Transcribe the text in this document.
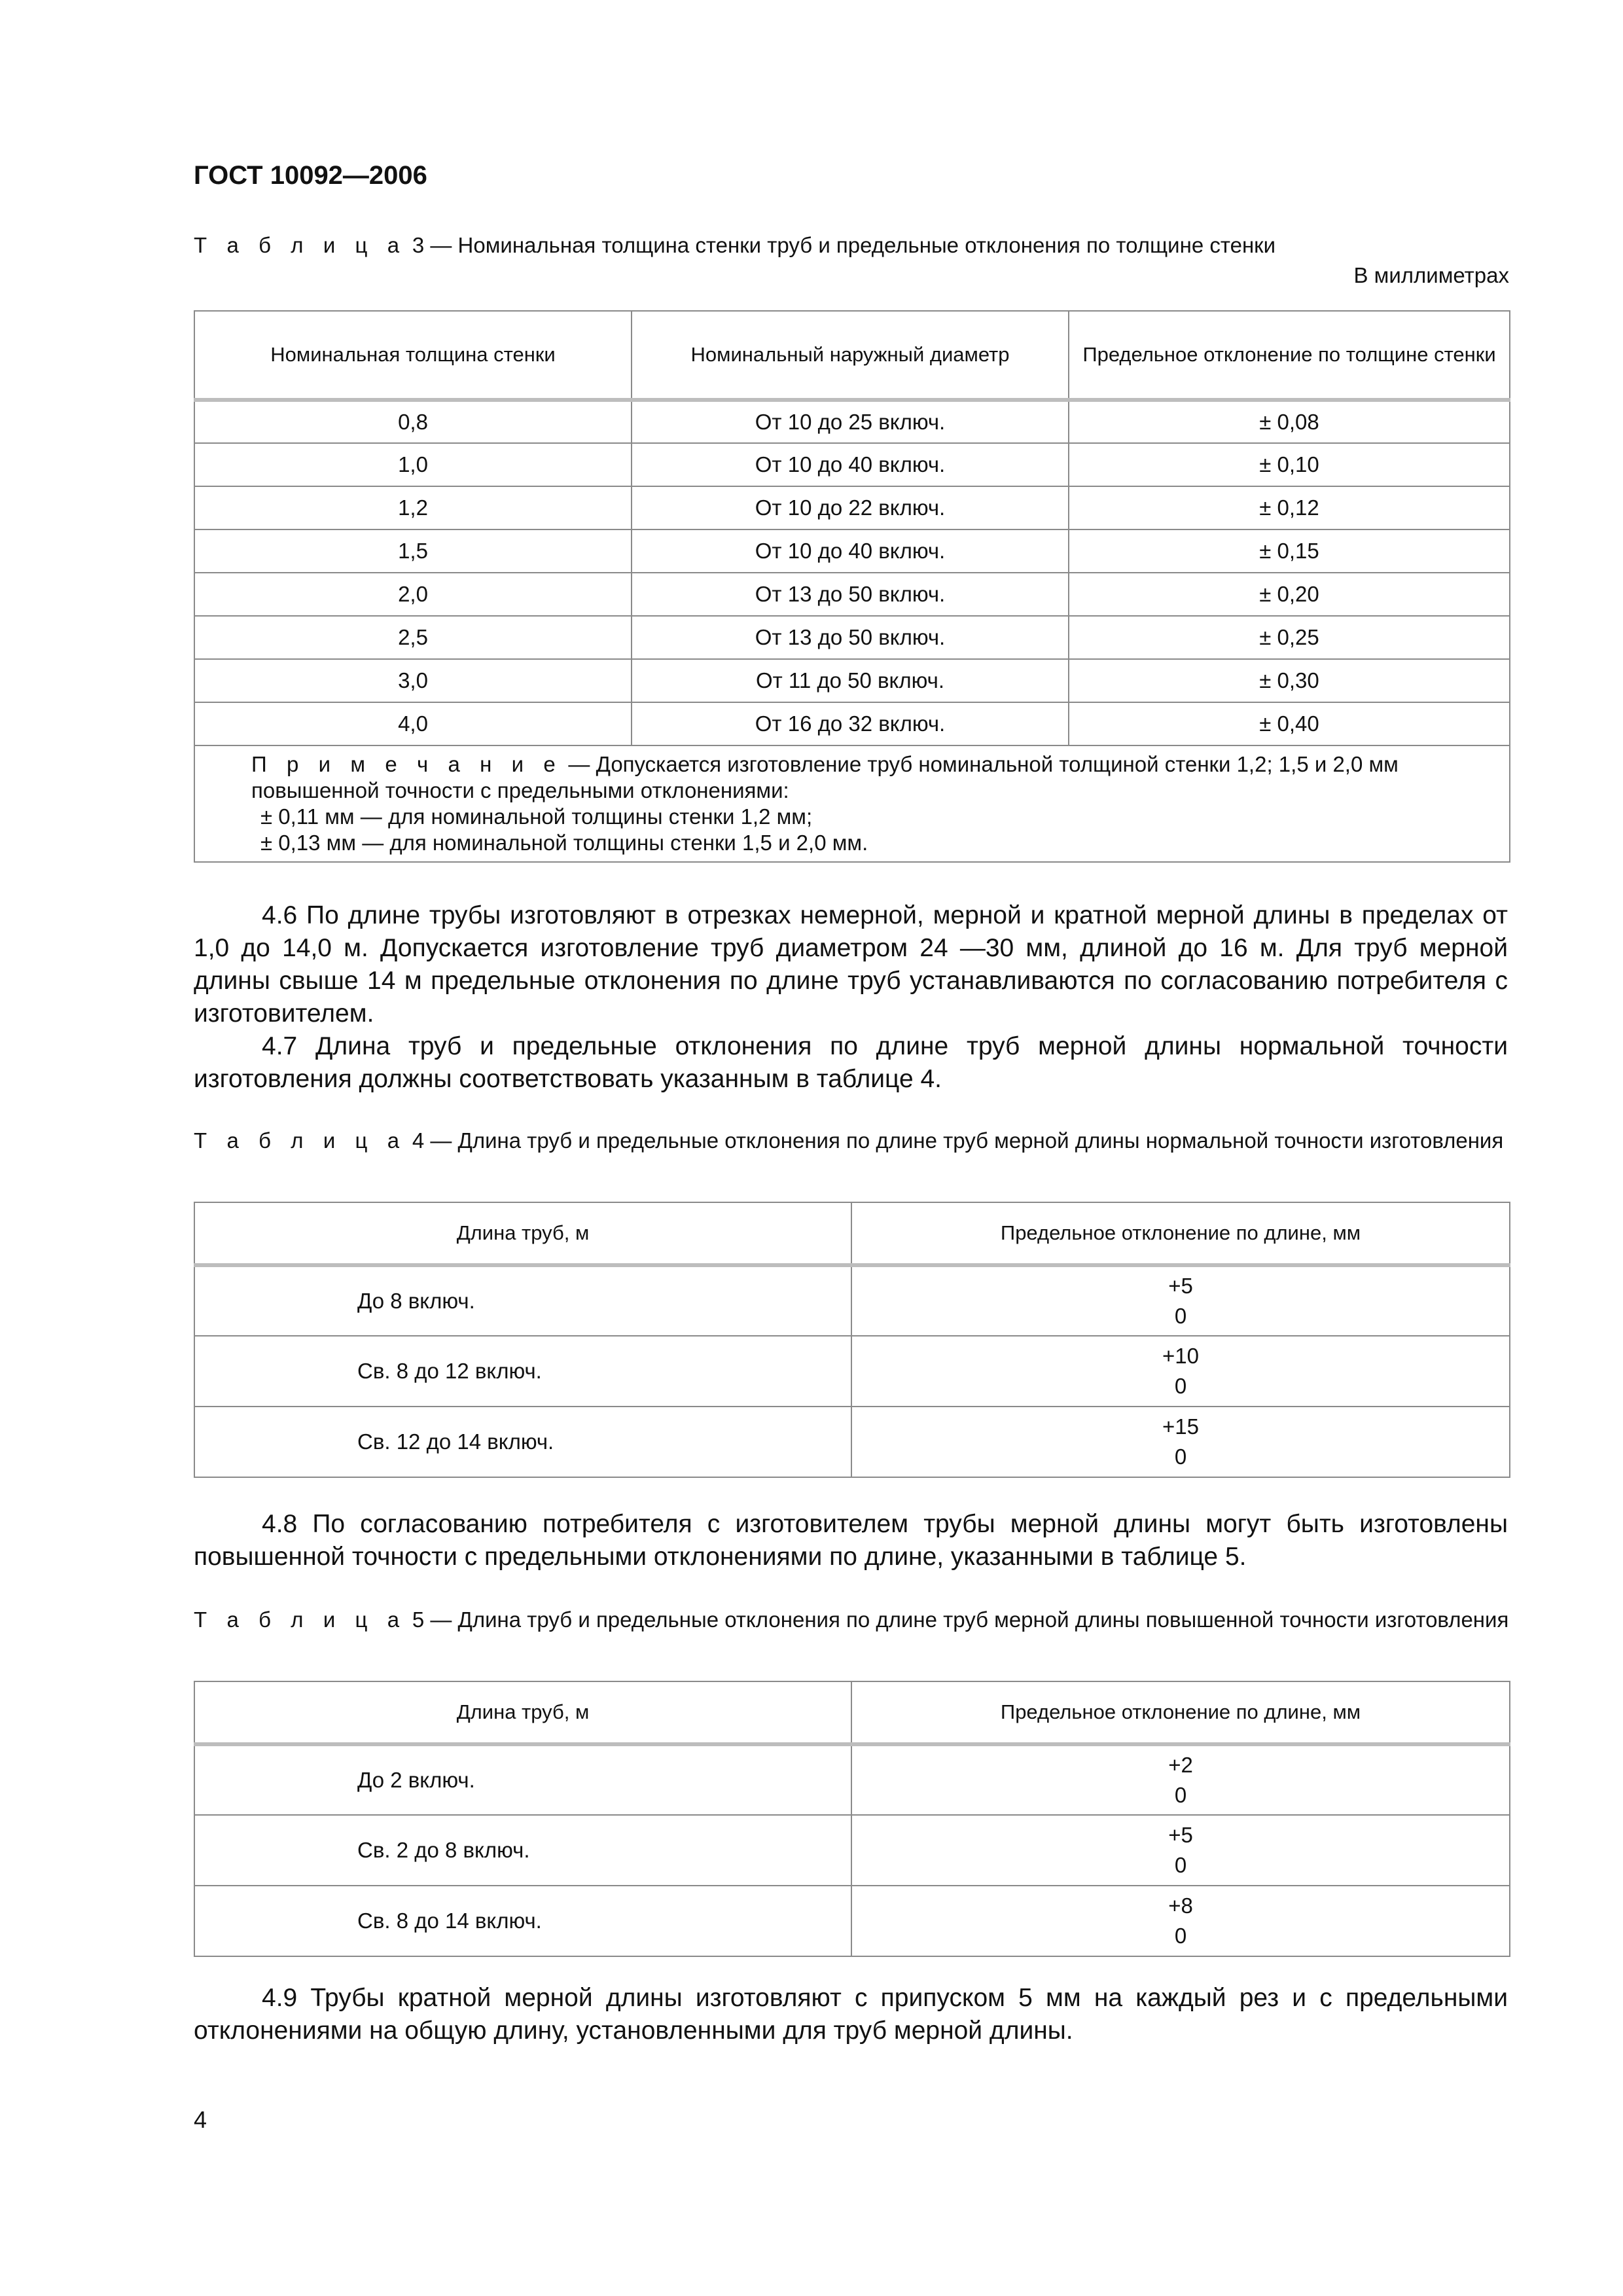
ГОСТ 10092—2006
Т а б л и ц а 3 — Номинальная толщина стенки труб и предельные отклонения по толщине стенки
В миллиметрах
Номинальная толщина стенки	Номинальный наружный диаметр	Предельное отклонение по толщине стенки
0,8	От 10 до 25 включ.	± 0,08
1,0	От 10 до 40 включ.	± 0,10
1,2	От 10 до 22 включ.	± 0,12
1,5	От 10 до 40 включ.	± 0,15
2,0	От 13 до 50 включ.	± 0,20
2,5	От 13 до 50 включ.	± 0,25
3,0	От 11 до 50 включ.	± 0,30
4,0	От 16 до 32 включ.	± 0,40

П р и м е ч а н и е — Допускается изготовление труб номинальной толщиной стенки 1,2; 1,5 и 2,0 мм повышенной точности с предельными отклонениями:
± 0,11 мм — для номинальной толщины стенки 1,2 мм;
± 0,13 мм — для номинальной толщины стенки 1,5 и 2,0 мм.		

4.6 По длине трубы изготовляют в отрезках немерной, мерной и кратной мерной длины в пределах от 1,0 до 14,0 м. Допускается изготовление труб диаметром 24 —30 мм, длиной до 16 м. Для труб мерной длины свыше 14 м предельные отклонения по длине труб устанавливаются по согласованию потребителя с изготовителем.

4.7 Длина труб и предельные отклонения по длине труб мерной длины нормальной точности изготовления должны соответствовать указанным в таблице 4.

Т а б л и ц а 4 — Длина труб и предельные отклонения по длине труб мерной длины нормальной точности изготовления
Длина труб, м	Предельное отклонение по длине, мм
До 8 включ.	+5
0

Св. 8 до 12 включ.	+10
0

Св. 12 до 14 включ.	+15
0

4.8 По согласованию потребителя с изготовителем трубы мерной длины могут быть изготовлены повышенной точности с предельными отклонениями по длине, указанными в таблице 5.

Т а б л и ц а 5 — Длина труб и предельные отклонения по длине труб мерной длины повышенной точности изготовления
Длина труб, м	Предельное отклонение по длине, мм
До 2 включ.	+2
0

Св. 2 до 8 включ.	+5
0

Св. 8 до 14 включ.	+8
0

4.9 Трубы кратной мерной длины изготовляют с припуском 5 мм на каждый рез и с предельными отклонениями на общую длину, установленными для труб мерной длины.

4
